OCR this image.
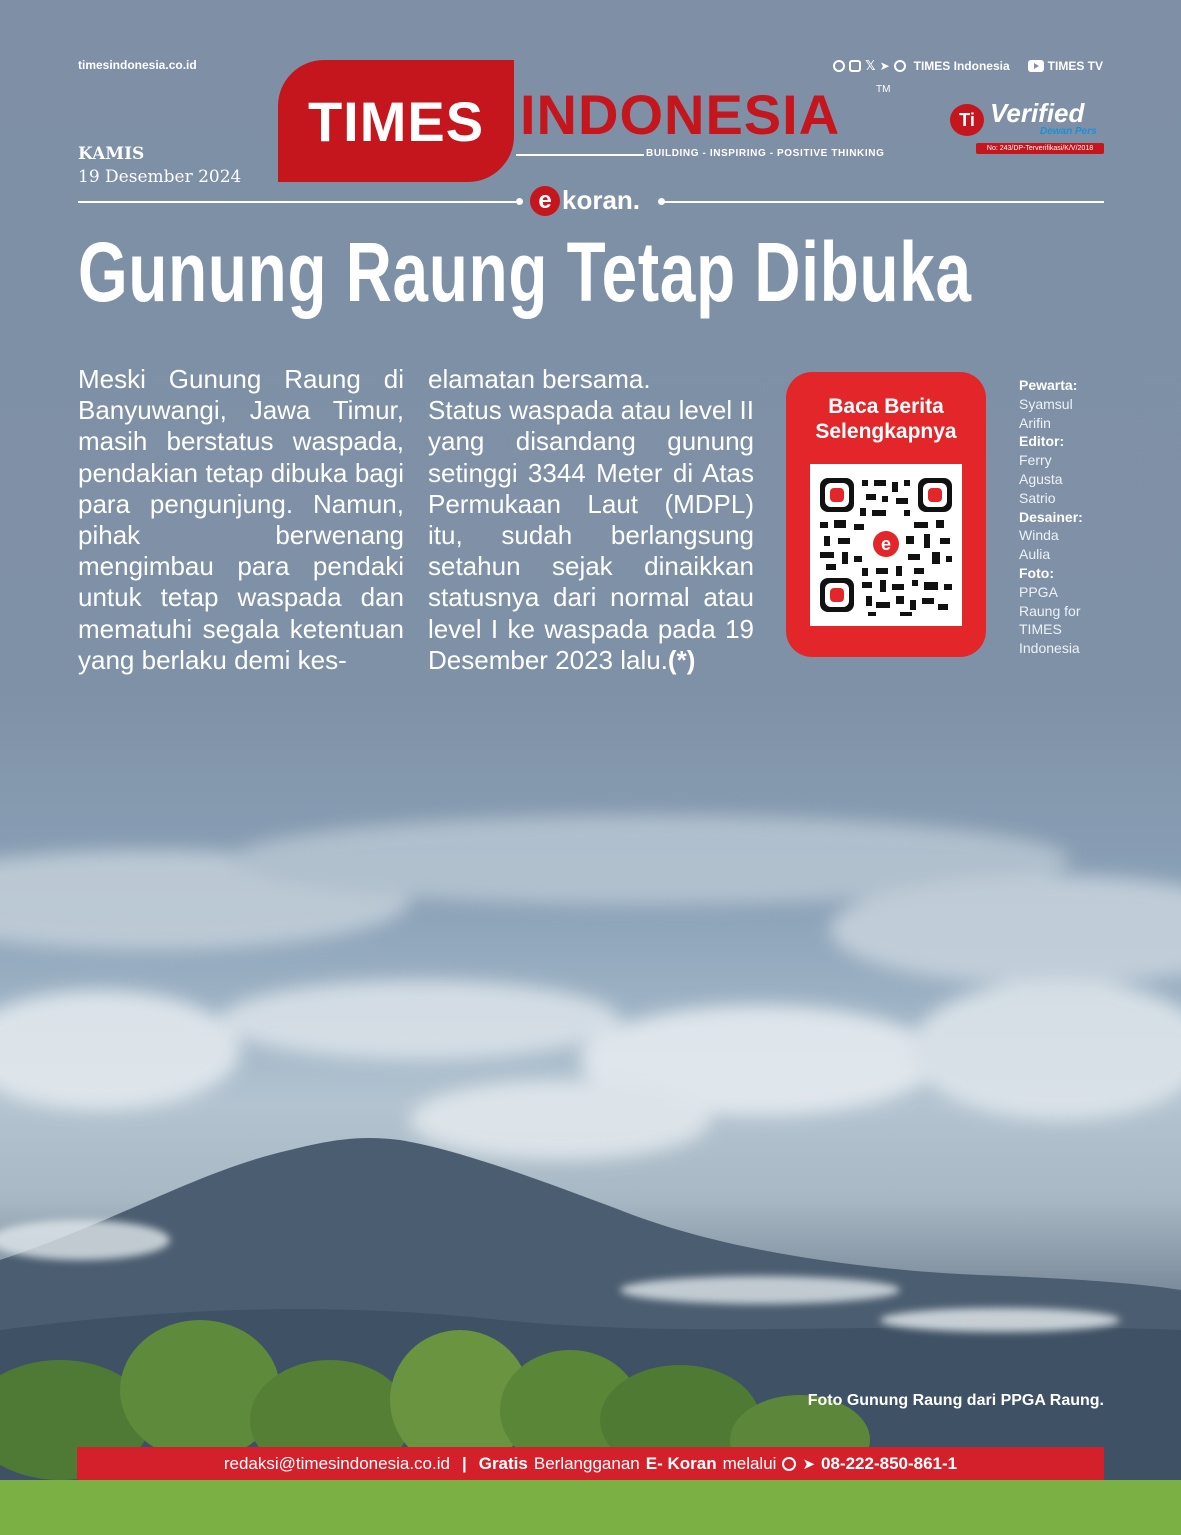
timesindonesia.co.id	𝕏 ➤ TIMES Indonesia	TIMES TV
TIMES INDONESIA	TM
BUILDING - INSPIRING - POSITIVE THINKING
Ti Verified
Dewan Pers
No: 243/DP-Terverifikasi/K/V/2018
KAMIS
19 Desember 2024
e koran.
Gunung Raung Tetap Dibuka

Meski Gunung Raung di Banyuwangi, Jawa Timur, masih berstatus waspada, pendakian tetap dibuka bagi para pengunjung. Namun, pihak berwenang mengimbau para pendaki untuk tetap waspada dan mematuhi segala ketentuan yang berlaku demi kes-

elamatan bersama.

Status waspada atau level II yang disandang gunung setinggi 3344 Meter di Atas Permukaan Laut (MDPL) itu, sudah berlangsung setahun sejak dinaikkan statusnya dari normal atau level I ke waspada pada 19 Desember 2023 lalu.(*)

Baca Berita
Selengkapnya
e
Pewarta:
Syamsul Arifin
Editor:
Ferry Agusta Satrio
Desainer:
Winda Aulia
Foto:
PPGA Raung for TIMES Indonesia
Foto Gunung Raung dari PPGA Raung.
redaksi@timesindonesia.co.id | Gratis Berlangganan E- Koran melalui ➤ 08-222-850-861-1
